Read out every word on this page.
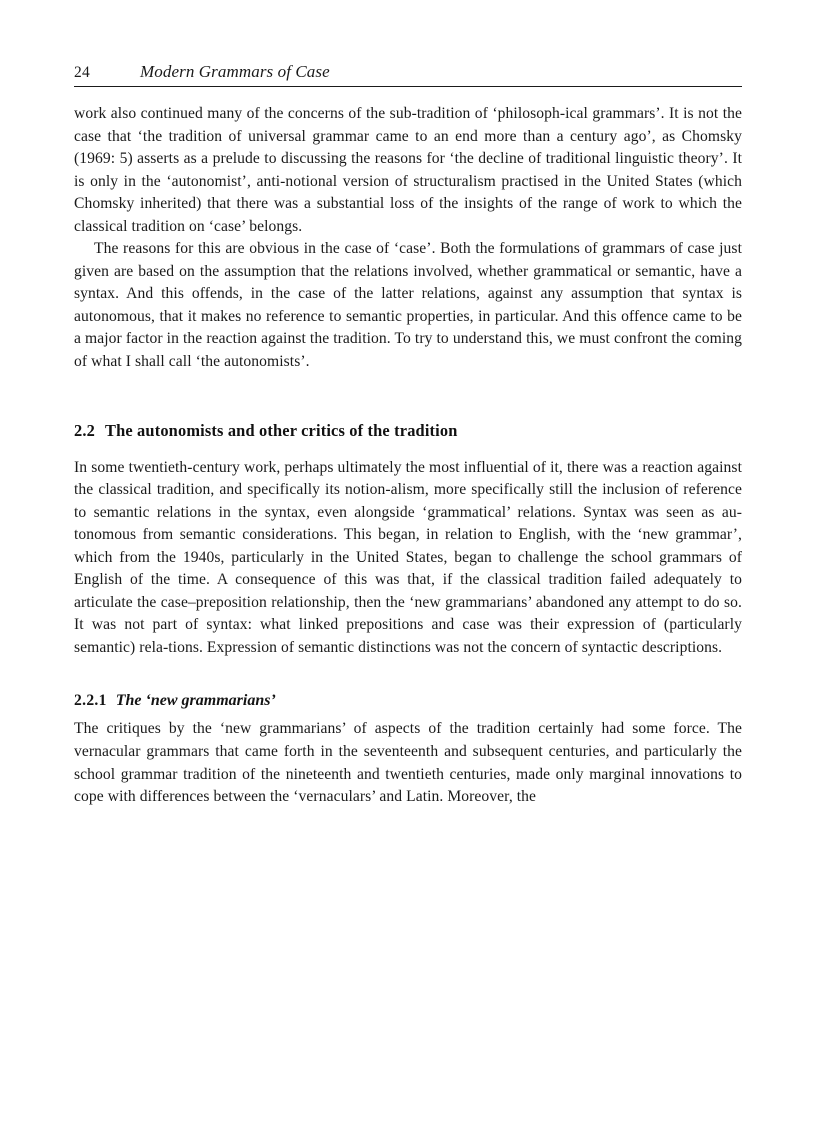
24	Modern Grammars of Case

work also continued many of the concerns of the sub-tradition of ‘philosoph-ical grammars’. It is not the case that ‘the tradition of universal grammar came to an end more than a century ago’, as Chomsky (1969: 5) asserts as a prelude to discussing the reasons for ‘the decline of traditional linguistic theory’. It is only in the ‘autonomist’, anti-notional version of structuralism practised in the United States (which Chomsky inherited) that there was a substantial loss of the insights of the range of work to which the classical tradition on ‘case’ belongs.

The reasons for this are obvious in the case of ‘case’. Both the formulations of grammars of case just given are based on the assumption that the relations involved, whether grammatical or semantic, have a syntax. And this offends, in the case of the latter relations, against any assumption that syntax is autonomous, that it makes no reference to semantic properties, in particular. And this offence came to be a major factor in the reaction against the tradition. To try to understand this, we must confront the coming of what I shall call ‘the autonomists’.

2.2 The autonomists and other critics of the tradition

In some twentieth-century work, perhaps ultimately the most influential of it, there was a reaction against the classical tradition, and specifically its notion-alism, more specifically still the inclusion of reference to semantic relations in the syntax, even alongside ‘grammatical’ relations. Syntax was seen as au-tonomous from semantic considerations. This began, in relation to English, with the ‘new grammar’, which from the 1940s, particularly in the United States, began to challenge the school grammars of English of the time. A consequence of this was that, if the classical tradition failed adequately to articulate the case–preposition relationship, then the ‘new grammarians’ abandoned any attempt to do so. It was not part of syntax: what linked prepositions and case was their expression of (particularly semantic) rela-tions. Expression of semantic distinctions was not the concern of syntactic descriptions.

2.2.1 The ‘new grammarians’

The critiques by the ‘new grammarians’ of aspects of the tradition certainly had some force. The vernacular grammars that came forth in the seventeenth and subsequent centuries, and particularly the school grammar tradition of the nineteenth and twentieth centuries, made only marginal innovations to cope with differences between the ‘vernaculars’ and Latin. Moreover, the
